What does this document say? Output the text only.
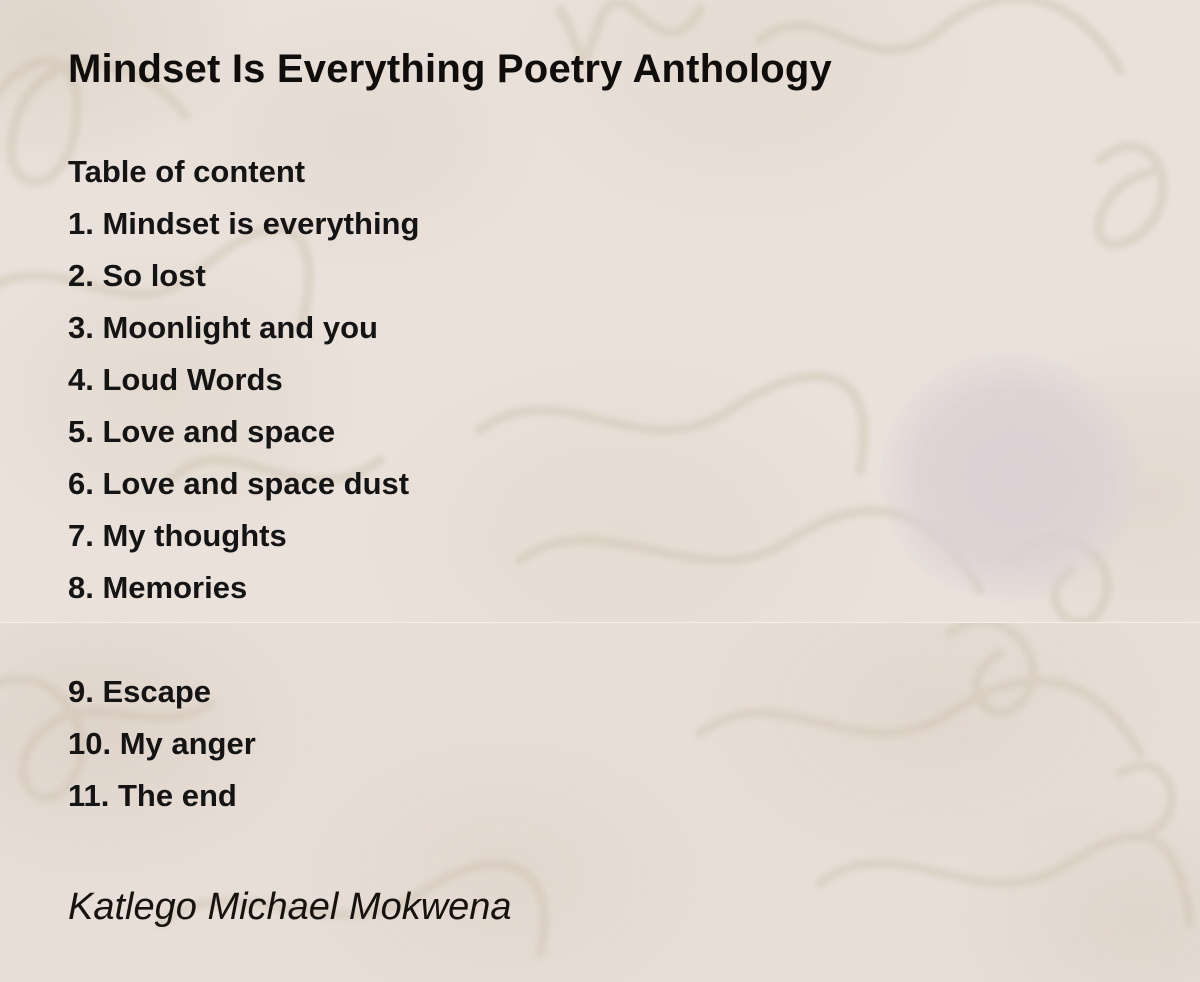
Mindset Is Everything Poetry Anthology
Table of content
1. Mindset is everything
2. So lost
3. Moonlight and you
4. Loud Words
5. Love and space
6. Love and space dust
7. My thoughts
8. Memories
9. Escape
10. My anger
11. The end
Katlego Michael Mokwena
